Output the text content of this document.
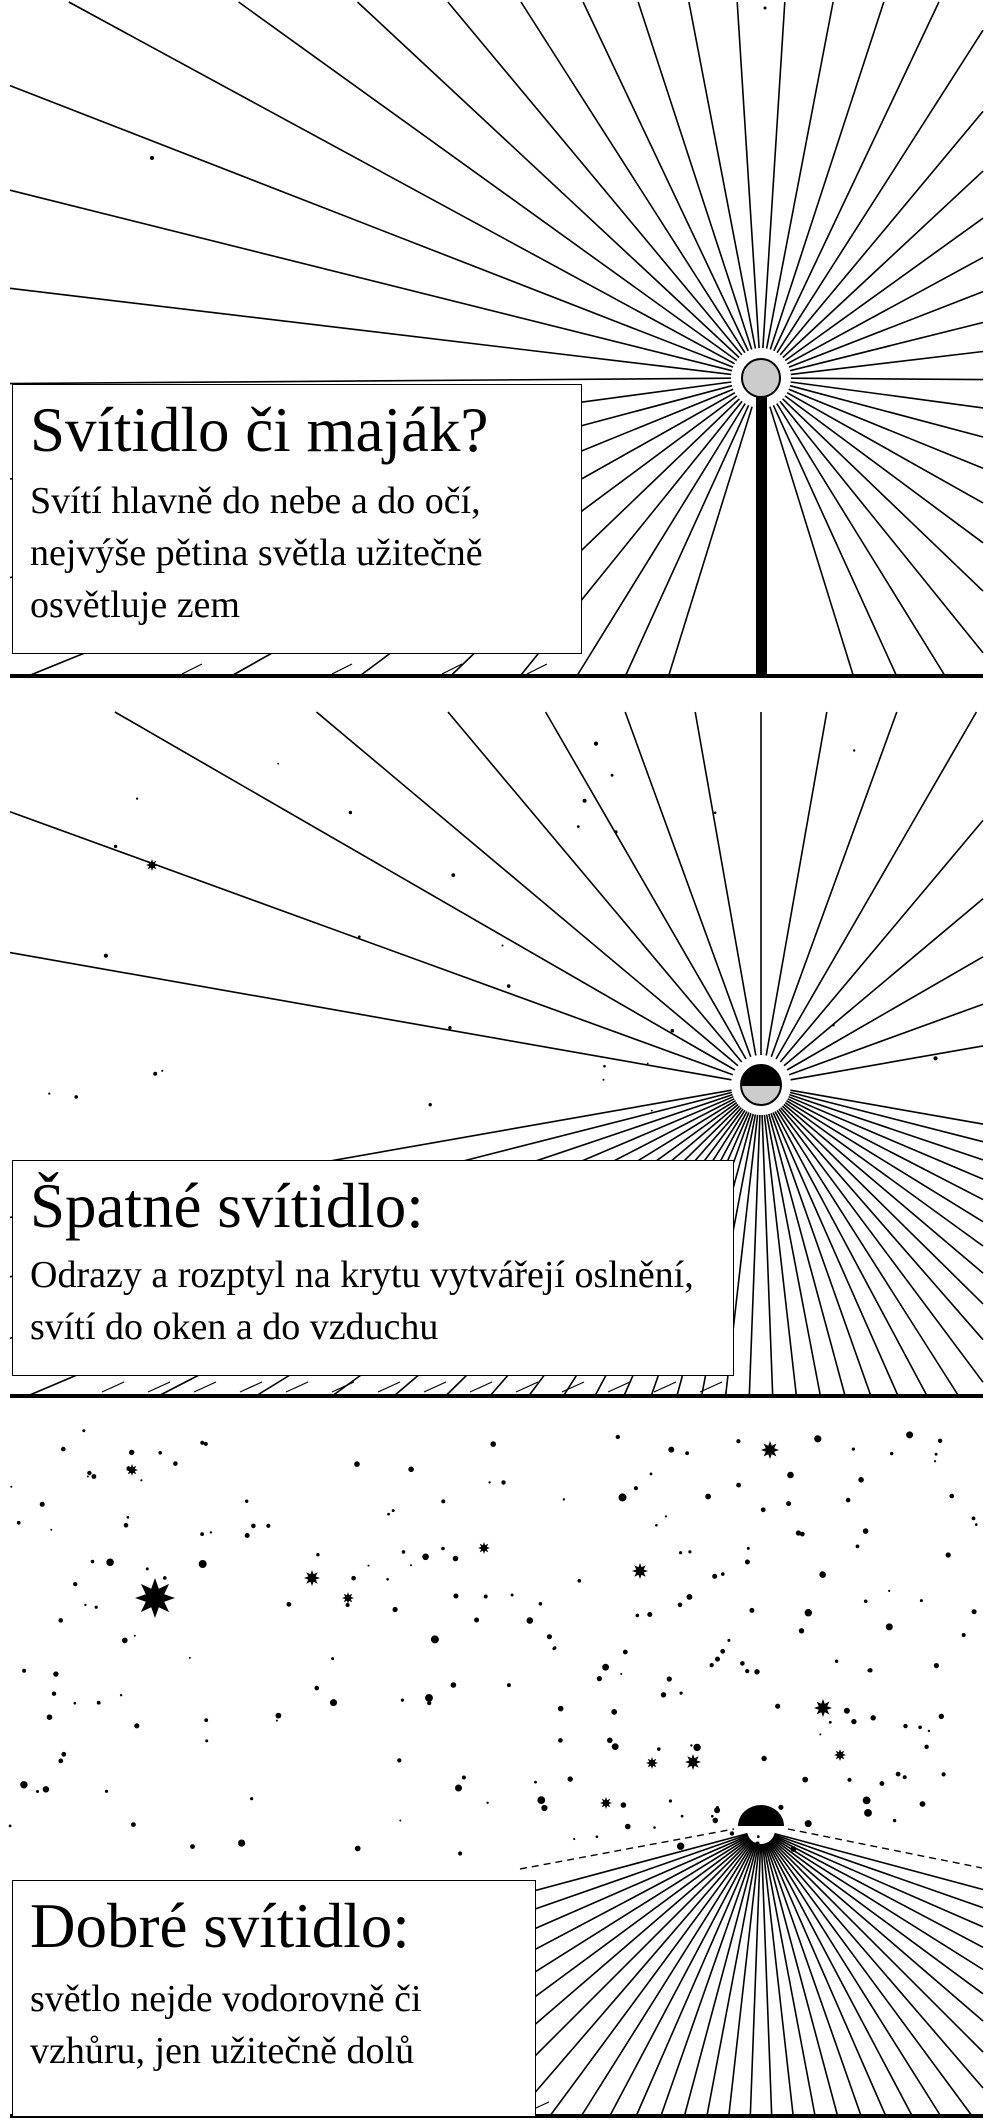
Svítidlo či maják?
Svítí hlavně do nebe a do očí, nejvýše pětina světla užitečně osvětluje zem
Špatné svítidlo:
Odrazy a rozptyl na krytu vytvářejí oslnění, svítí do oken a do vzduchu
Dobré svítidlo:
světlo nejde vodorovně či vzhůru, jen užitečně dolů
